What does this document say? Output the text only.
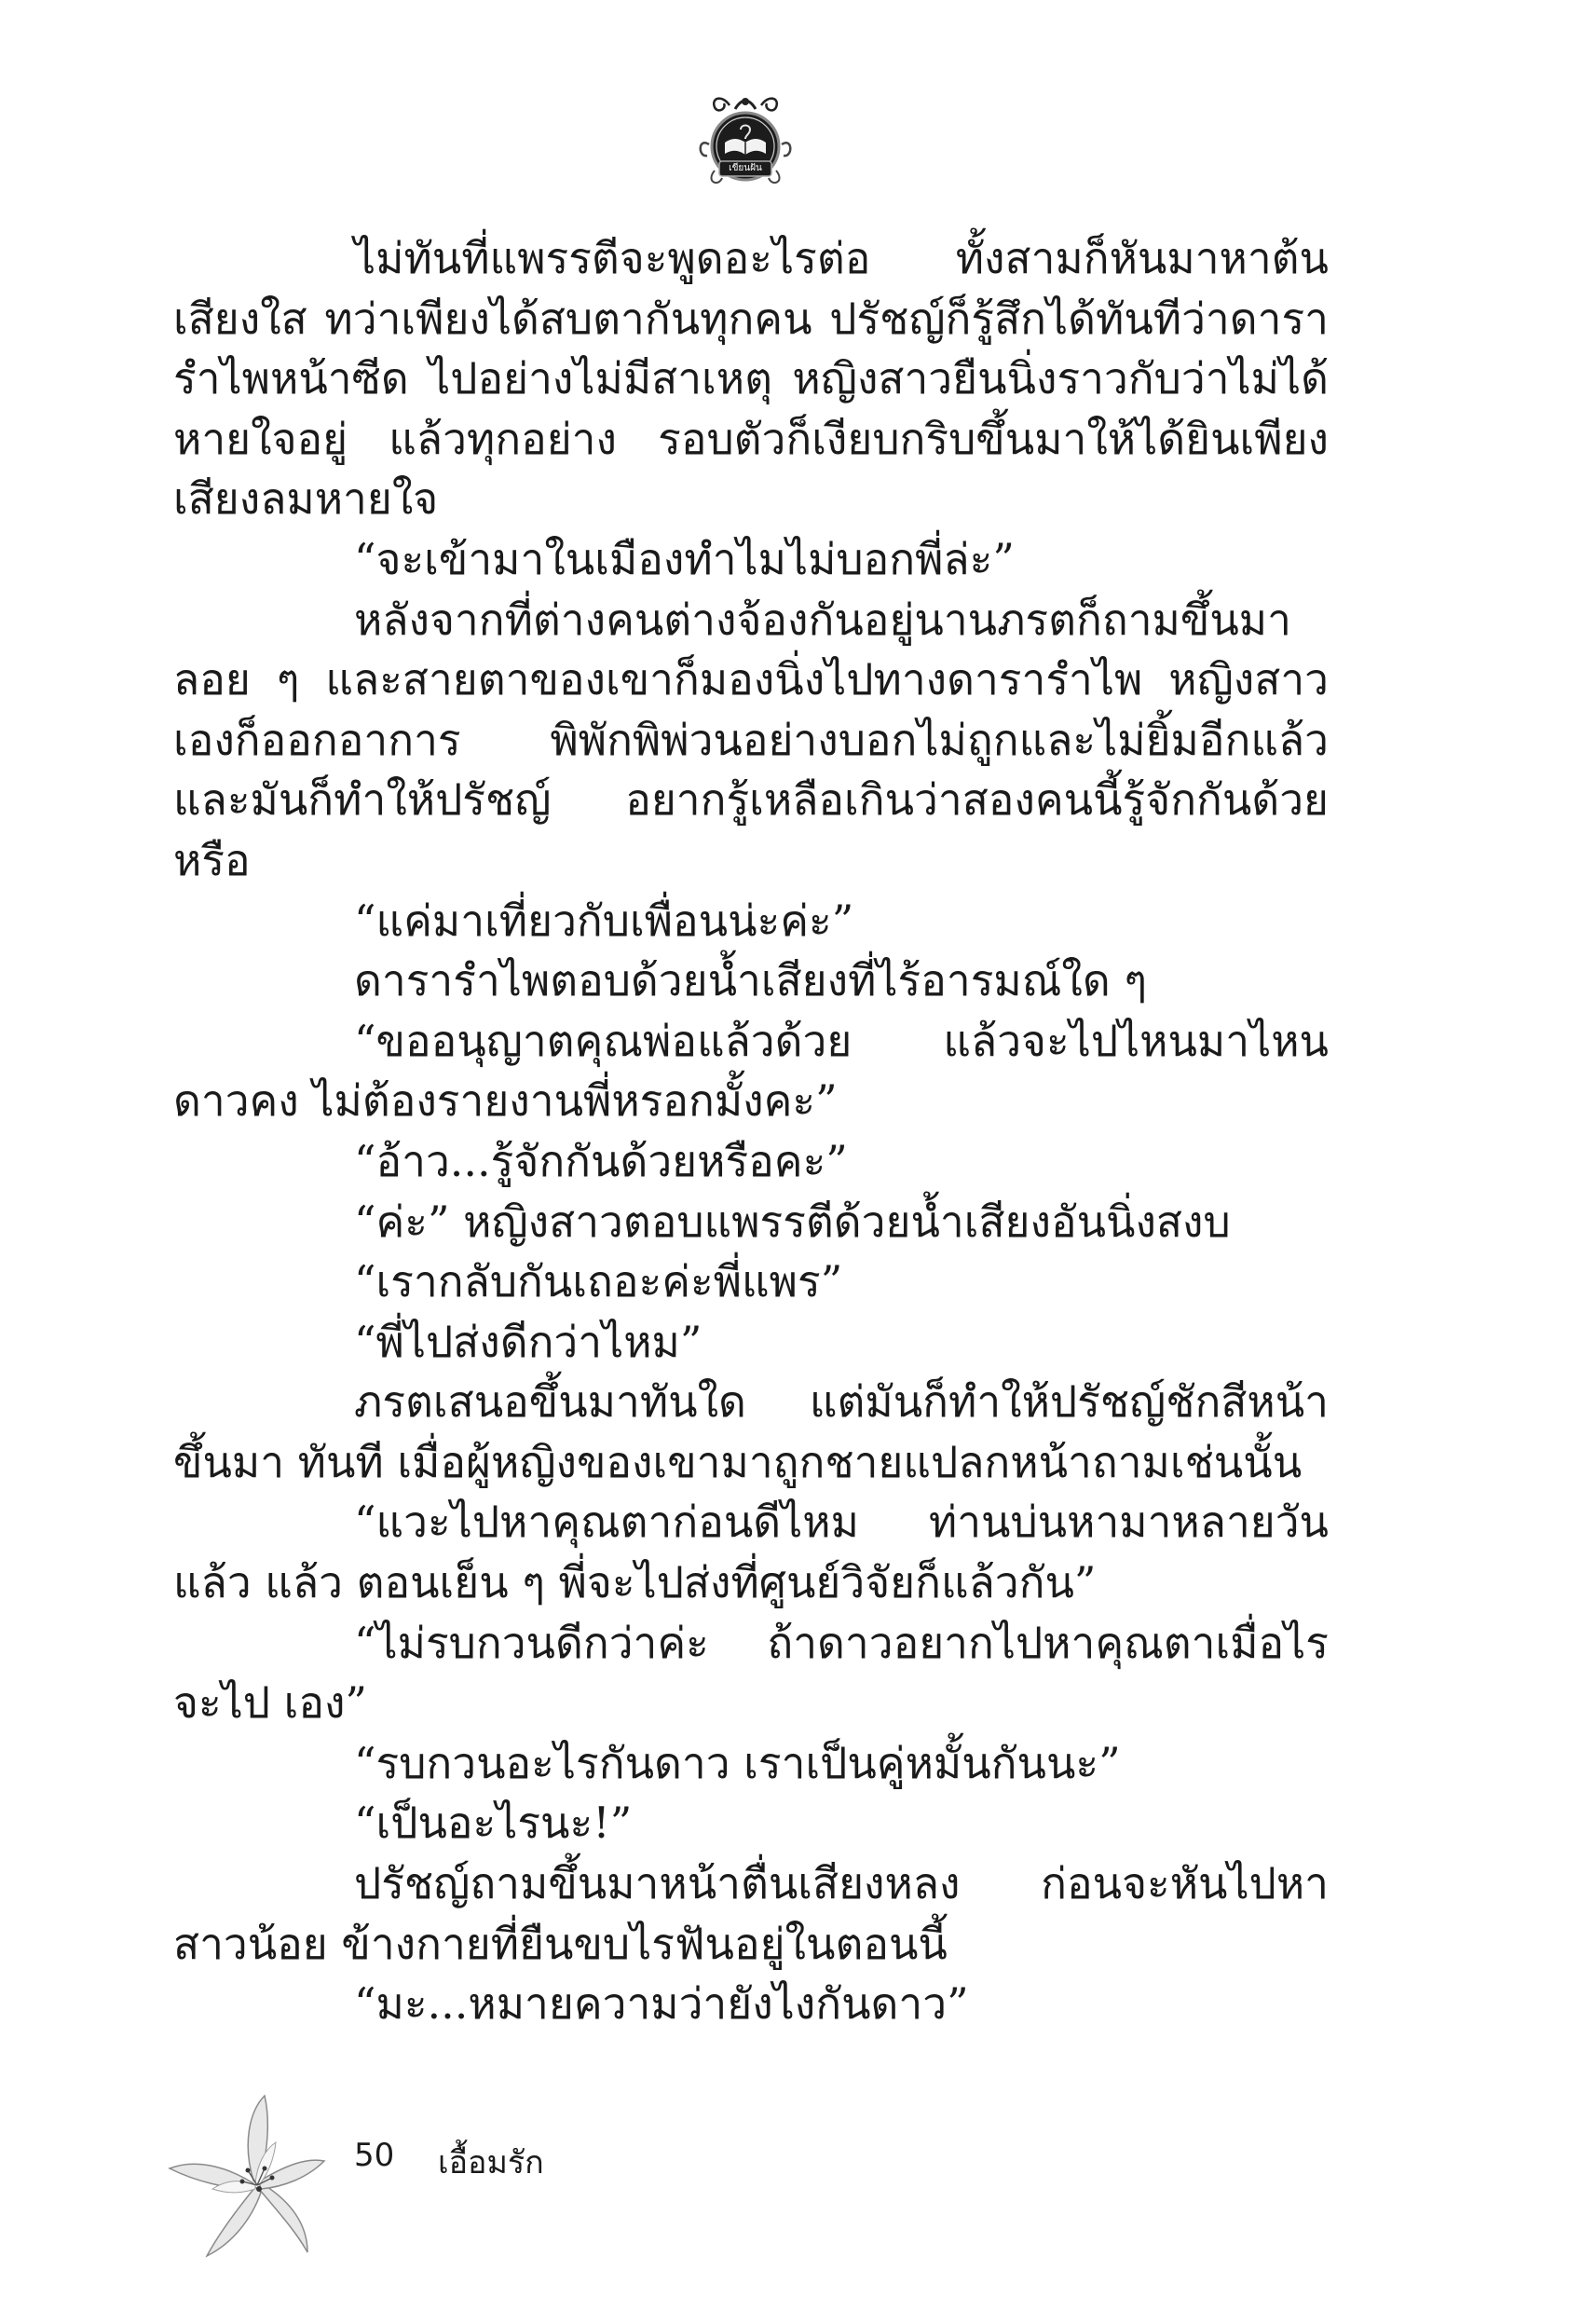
เขียนฝัน

ไม่ทันที่แพรรตีจะพูดอะไรต่อ ทั้งสามก็หันมาหาต้นเสียงใส ทว่าเพียงได้สบตากันทุกคน ปรัชญ์ก็รู้สึกได้ทันทีว่าดารารำไพหน้าซีด ไปอย่างไม่มีสาเหตุ หญิงสาวยืนนิ่งราวกับว่าไม่ได้หายใจอยู่ แล้วทุกอย่าง รอบตัวก็เงียบกริบขึ้นมาให้ได้ยินเพียงเสียงลมหายใจ

“จะเข้ามาในเมืองทำไมไม่บอกพี่ล่ะ”

หลังจากที่ต่างคนต่างจ้องกันอยู่นานภรตก็ถามขึ้นมาลอย ๆ และสายตาของเขาก็มองนิ่งไปทางดารารำไพ หญิงสาวเองก็ออกอาการ พิพักพิพ่วนอย่างบอกไม่ถูกและไม่ยิ้มอีกแล้ว และมันก็ทำให้ปรัชญ์ อยากรู้เหลือเกินว่าสองคนนี้รู้จักกันด้วยหรือ

“แค่มาเที่ยวกับเพื่อนน่ะค่ะ”

ดารารำไพตอบด้วยน้ำเสียงที่ไร้อารมณ์ใด ๆ

“ขออนุญาตคุณพ่อแล้วด้วย แล้วจะไปไหนมาไหน ดาวคง ไม่ต้องรายงานพี่หรอกมั้งคะ”

“อ้าว...รู้จักกันด้วยหรือคะ”

“ค่ะ” หญิงสาวตอบแพรรตีด้วยน้ำเสียงอันนิ่งสงบ

“เรากลับกันเถอะค่ะพี่แพร”

“พี่ไปส่งดีกว่าไหม”

ภรตเสนอขึ้นมาทันใด แต่มันก็ทำให้ปรัชญ์ชักสีหน้าขึ้นมา ทันที เมื่อผู้หญิงของเขามาถูกชายแปลกหน้าถามเช่นนั้น

“แวะไปหาคุณตาก่อนดีไหม ท่านบ่นหามาหลายวันแล้ว แล้ว ตอนเย็น ๆ พี่จะไปส่งที่ศูนย์วิจัยก็แล้วกัน”

“ไม่รบกวนดีกว่าค่ะ ถ้าดาวอยากไปหาคุณตาเมื่อไรจะไป เอง”

“รบกวนอะไรกันดาว เราเป็นคู่หมั้นกันนะ”

“เป็นอะไรนะ!”

ปรัชญ์ถามขึ้นมาหน้าตื่นเสียงหลง ก่อนจะหันไปหาสาวน้อย ข้างกายที่ยืนขบไรฟันอยู่ในตอนนี้

“มะ...หมายความว่ายังไงกันดาว”

50 เอื้อมรัก
